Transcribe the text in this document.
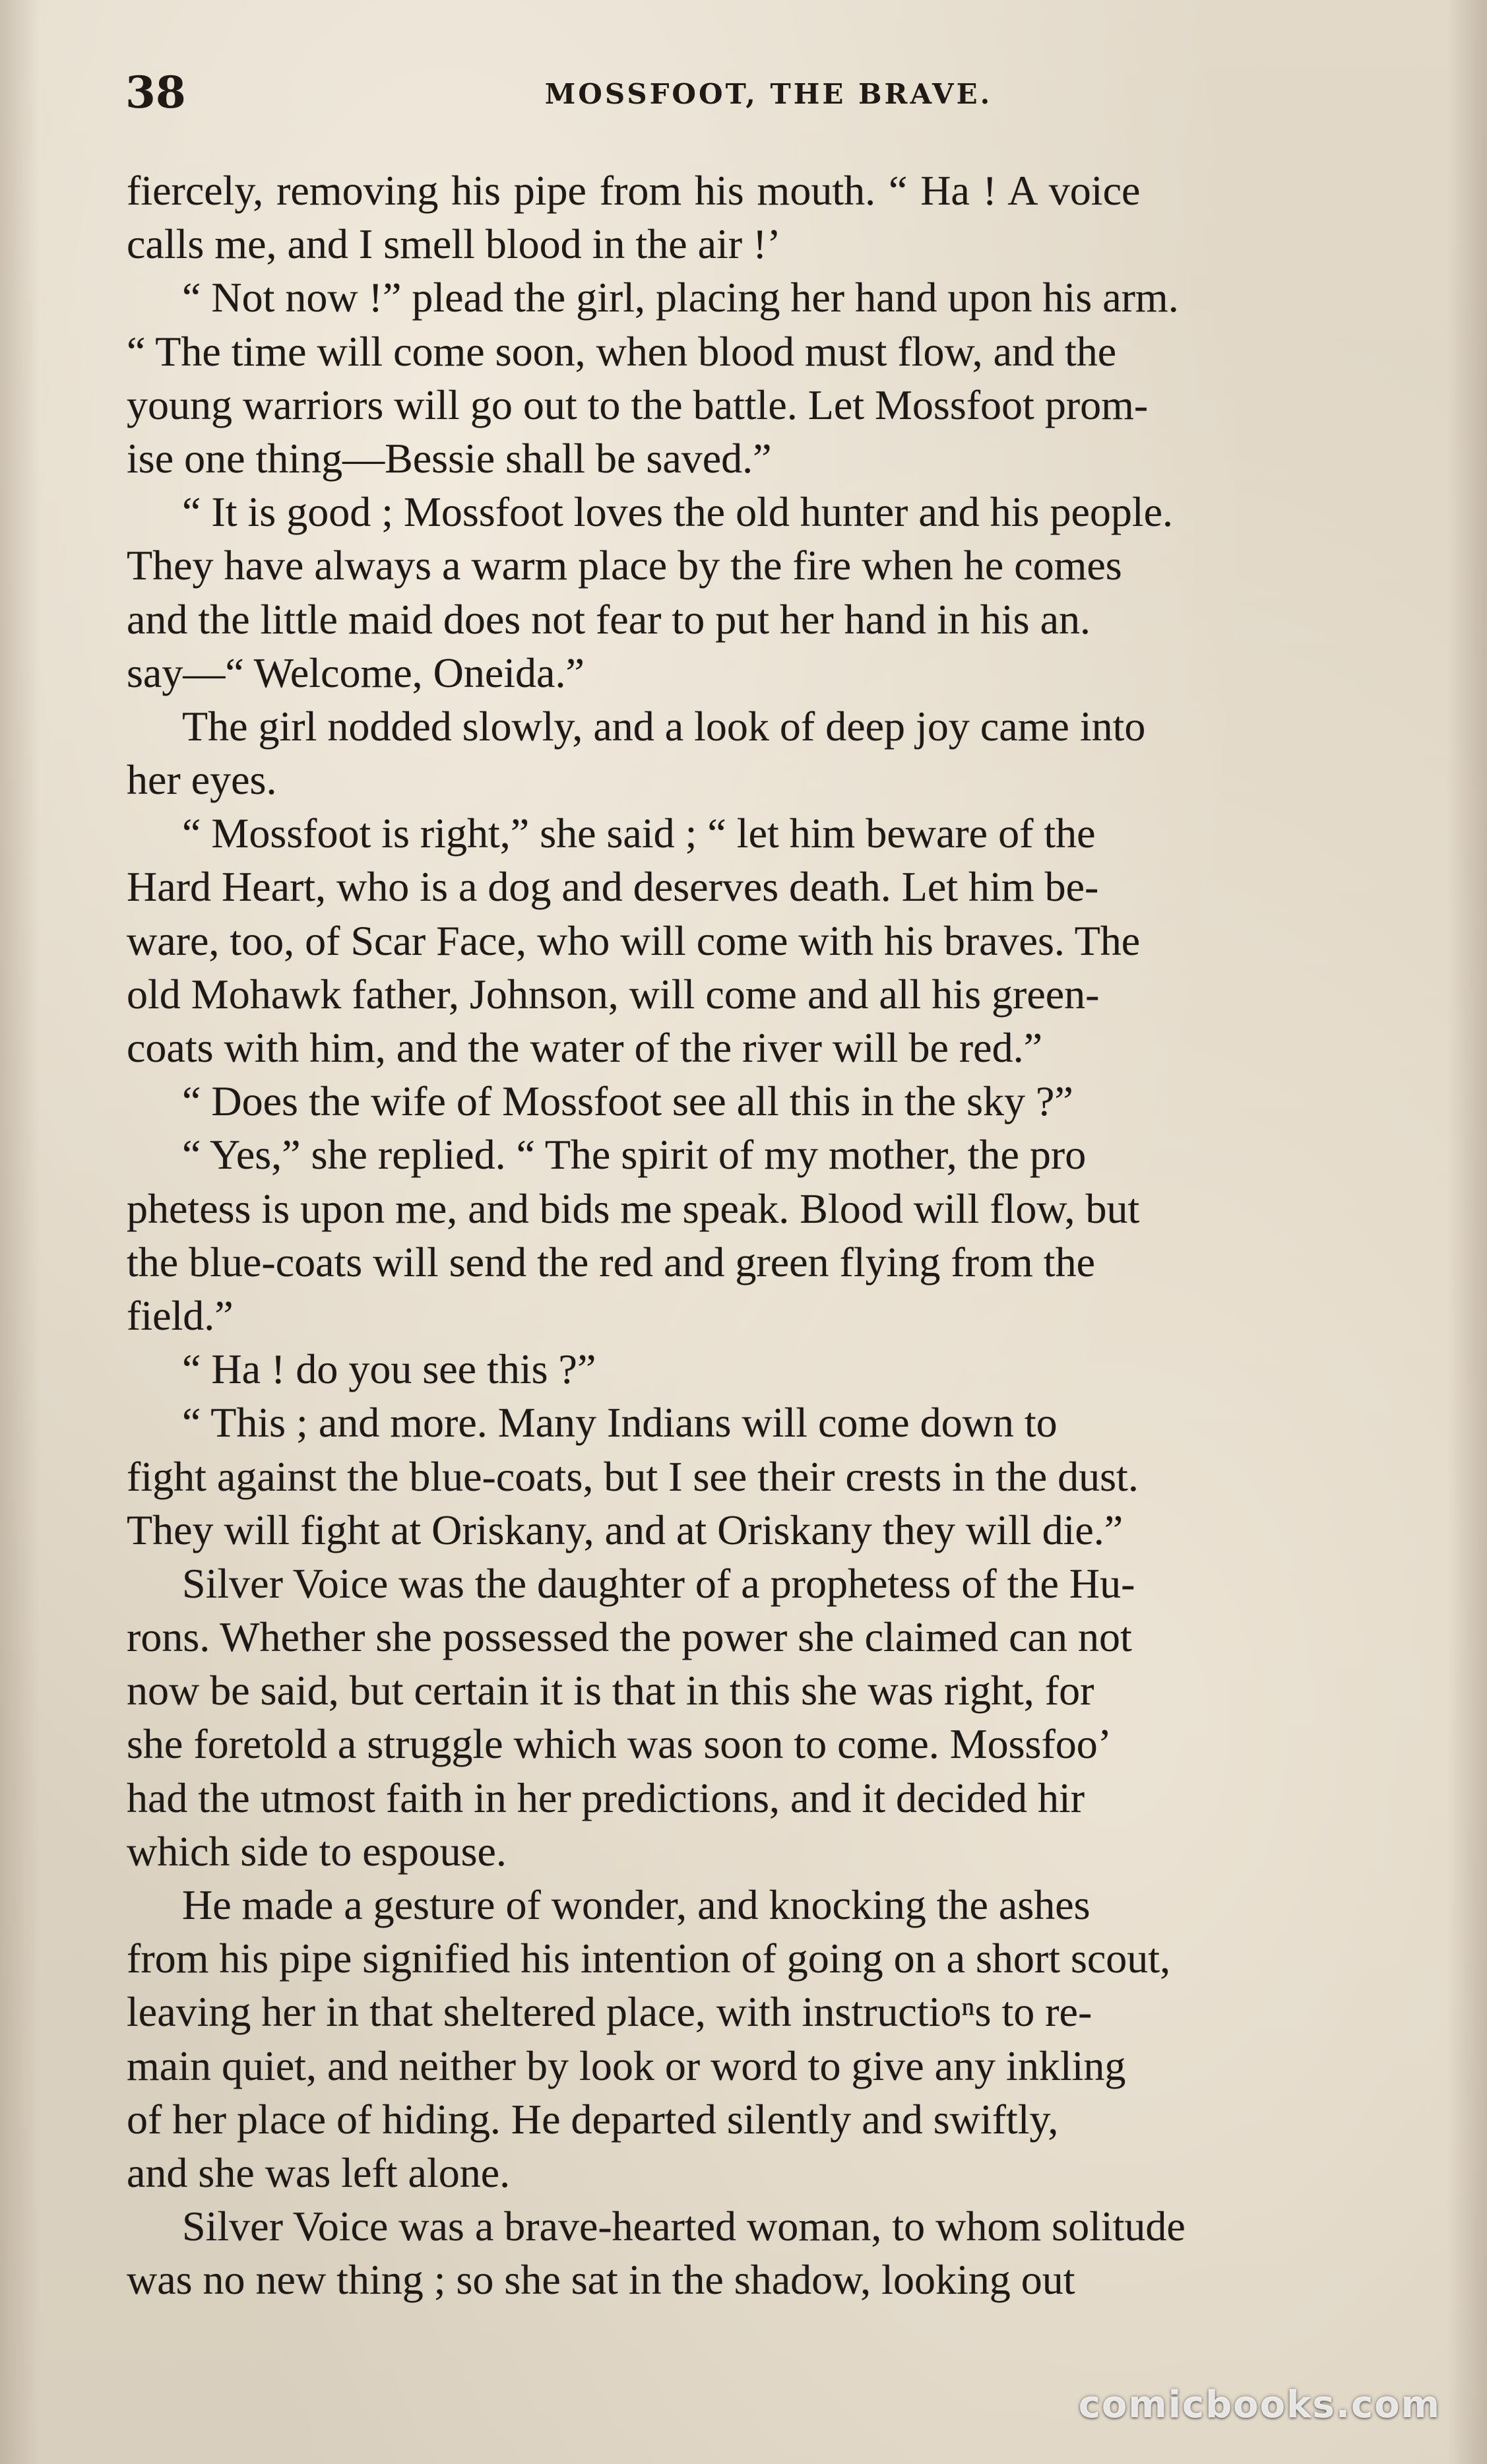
38	MOSSFOOT, THE BRAVE.
fiercely, removing his pipe from his mouth. “ Ha ! A voice
calls me, and I smell blood in the air !’
“ Not now !” plead the girl, placing her hand upon his arm.
“ The time will come soon, when blood must flow, and the
young warriors will go out to the battle. Let Mossfoot prom-
ise one thing—Bessie shall be saved.”
“ It is good ; Mossfoot loves the old hunter and his people.
They have always a warm place by the fire when he comes
and the little maid does not fear to put her hand in his an.
say—“ Welcome, Oneida.”
The girl nodded slowly, and a look of deep joy came into
her eyes.
“ Mossfoot is right,” she said ; “ let him beware of the
Hard Heart, who is a dog and deserves death. Let him be-
ware, too, of Scar Face, who will come with his braves. The
old Mohawk father, Johnson, will come and all his green-
coats with him, and the water of the river will be red.”
“ Does the wife of Mossfoot see all this in the sky ?”
“ Yes,” she replied. “ The spirit of my mother, the pro
phetess is upon me, and bids me speak. Blood will flow, but
the blue-coats will send the red and green flying from the
field.”
“ Ha ! do you see this ?”
“ This ; and more. Many Indians will come down to
fight against the blue-coats, but I see their crests in the dust.
They will fight at Oriskany, and at Oriskany they will die.”
Silver Voice was the daughter of a prophetess of the Hu-
rons. Whether she possessed the power she claimed can not
now be said, but certain it is that in this she was right, for
she foretold a struggle which was soon to come. Mossfoo’
had the utmost faith in her predictions, and it decided hir
which side to espouse.
He made a gesture of wonder, and knocking the ashes
from his pipe signified his intention of going on a short scout,
leaving her in that sheltered place, with instructioⁿs to re-
main quiet, and neither by look or word to give any inkling
of her place of hiding. He departed silently and swiftly,
and she was left alone.
Silver Voice was a brave-hearted woman, to whom solitude
was no new thing ; so she sat in the shadow, looking out
comicbooks.com
